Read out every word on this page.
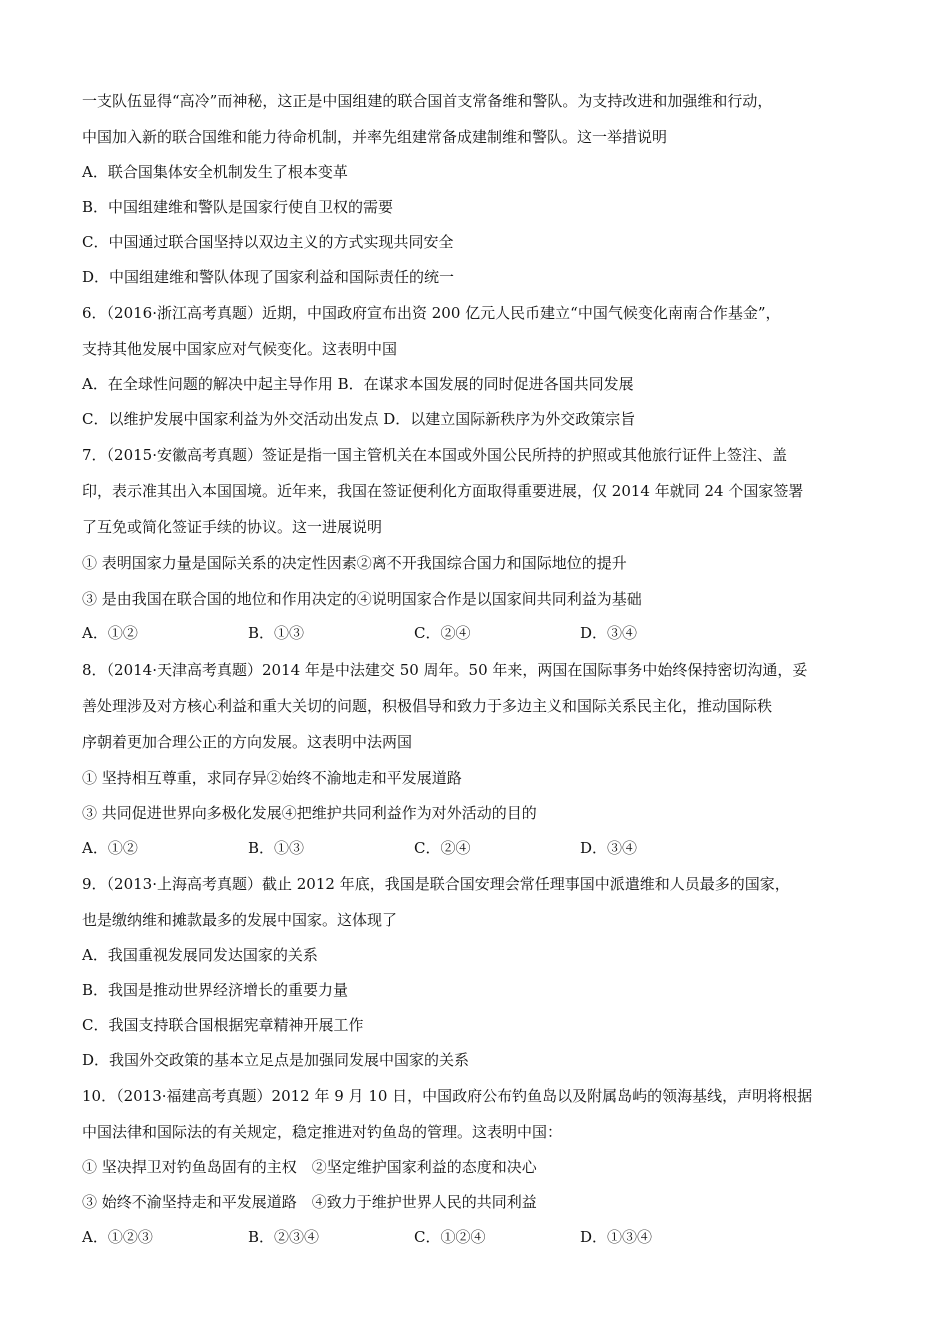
一支队伍显得“高冷”而神秘，这正是中国组建的联合国首支常备维和警队。为支持改进和加强维和行动，
中国加入新的联合国维和能力待命机制，并率先组建常备成建制维和警队。这一举措说明
A．联合国集体安全机制发生了根本变革
B．中国组建维和警队是国家行使自卫权的需要
C．中国通过联合国坚持以双边主义的方式实现共同安全
D．中国组建维和警队体现了国家利益和国际责任的统一
6．（2016·浙江高考真题）近期，中国政府宣布出资 200 亿元人民币建立“中国气候变化南南合作基金”，
支持其他发展中国家应对气候变化。这表明中国
A．在全球性问题的解决中起主导作用 B．在谋求本国发展的同时促进各国共同发展
C．以维护发展中国家利益为外交活动出发点 D．以建立国际新秩序为外交政策宗旨
7．（2015·安徽高考真题）签证是指一国主管机关在本国或外国公民所持的护照或其他旅行证件上签注、盖
印，表示准其出入本国国境。近年来，我国在签证便利化方面取得重要进展，仅 2014 年就同 24 个国家签署
了互免或简化签证手续的协议。这一进展说明
① 表明国家力量是国际关系的决定性因素②离不开我国综合国力和国际地位的提升
③ 是由我国在联合国的地位和作用决定的④说明国家合作是以国家间共同利益为基础
A．①②	B．①③	C．②④	D．③④
8．（2014·天津高考真题）2014 年是中法建交 50 周年。50 年来，两国在国际事务中始终保持密切沟通，妥
善处理涉及对方核心利益和重大关切的问题，积极倡导和致力于多边主义和国际关系民主化，推动国际秩
序朝着更加合理公正的方向发展。这表明中法两国
① 坚持相互尊重，求同存异②始终不渝地走和平发展道路
③ 共同促进世界向多极化发展④把维护共同利益作为对外活动的目的
A．①②	B．①③	C．②④	D．③④
9．（2013·上海高考真题）截止 2012 年底，我国是联合国安理会常任理事国中派遣维和人员最多的国家，
也是缴纳维和摊款最多的发展中国家。这体现了
A．我国重视发展同发达国家的关系
B．我国是推动世界经济增长的重要力量
C．我国支持联合国根据宪章精神开展工作
D．我国外交政策的基本立足点是加强同发展中国家的关系
10．（2013·福建高考真题）2012 年 9 月 10 日，中国政府公布钓鱼岛以及附属岛屿的领海基线，声明将根据
中国法律和国际法的有关规定，稳定推进对钓鱼岛的管理。这表明中国：
① 坚决捍卫对钓鱼岛固有的主权　②坚定维护国家利益的态度和决心
③ 始终不渝坚持走和平发展道路　④致力于维护世界人民的共同利益
A．①②③	B．②③④	C．①②④	D．①③④
